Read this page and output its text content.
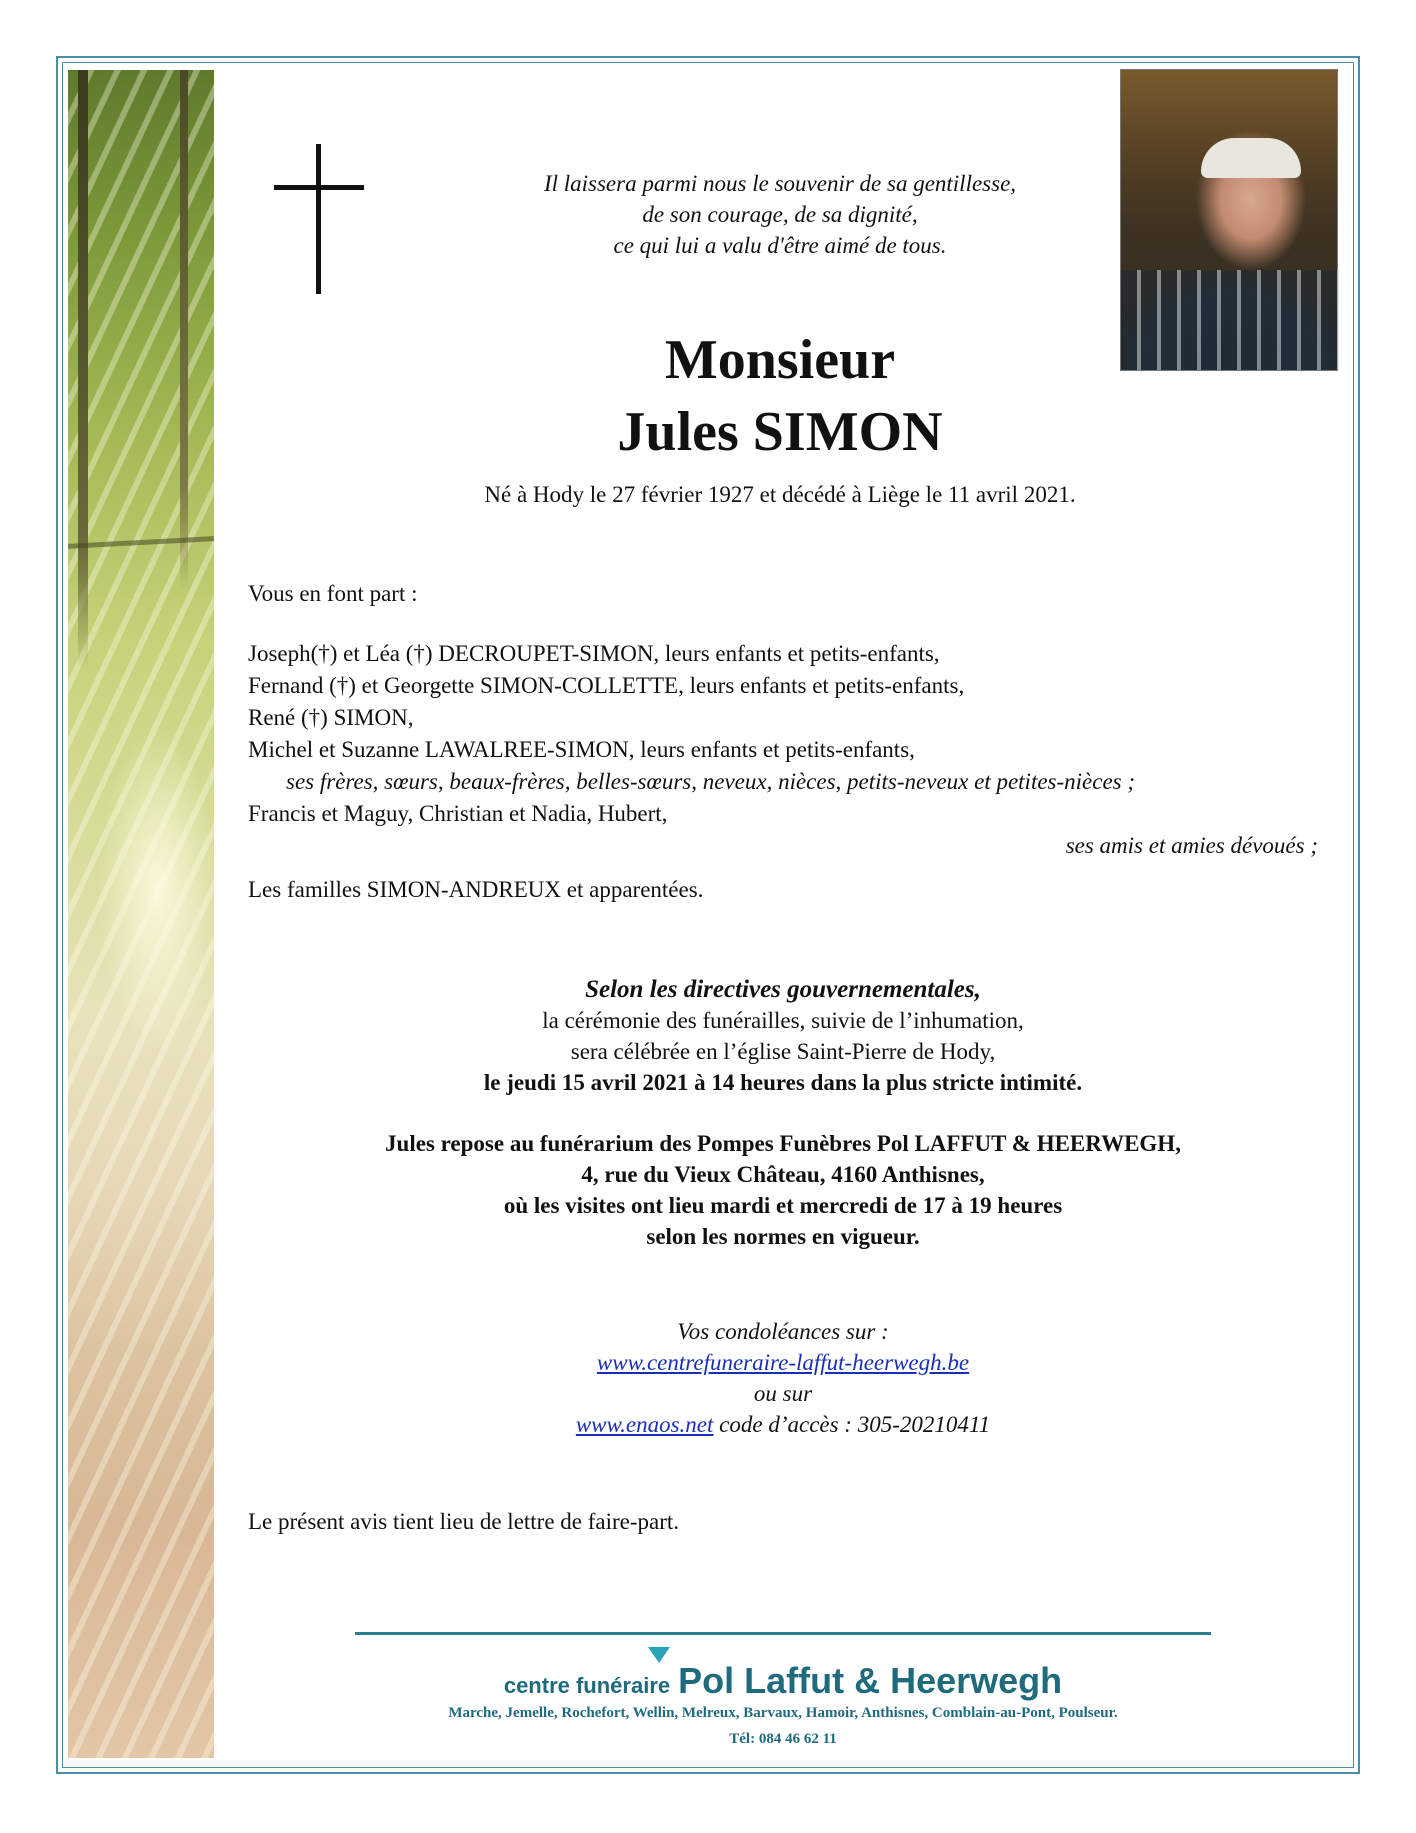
Il laissera parmi nous le souvenir de sa gentillesse,
de son courage, de sa dignité,
ce qui lui a valu d'être aimé de tous.
Monsieur
Jules SIMON
Né à Hody le 27 février 1927 et décédé à Liège le 11 avril 2021.

Vous en font part :

Joseph(†) et Léa (†) DECROUPET-SIMON, leurs enfants et petits-enfants,

Fernand (†) et Georgette SIMON-COLLETTE, leurs enfants et petits-enfants,

René (†) SIMON,

Michel et Suzanne LAWALREE-SIMON, leurs enfants et petits-enfants,

ses frères, sœurs, beaux-frères, belles-sœurs, neveux, nièces, petits-neveux et petites-nièces ;

Francis et Maguy, Christian et Nadia, Hubert,

ses amis et amies dévoués ;

Les familles SIMON-ANDREUX et apparentées.

Selon les directives gouvernementales,

la cérémonie des funérailles, suivie de l’inhumation,

sera célébrée en l’église Saint-Pierre de Hody,

le jeudi 15 avril 2021 à 14 heures dans la plus stricte intimité.

Jules repose au funérarium des Pompes Funèbres Pol LAFFUT & HEERWEGH,

4, rue du Vieux Château, 4160 Anthisnes,

où les visites ont lieu mardi et mercredi de 17 à 19 heures

selon les normes en vigueur.

Vos condoléances sur :

www.centrefuneraire-laffut-heerwegh.be

ou sur

www.enaos.net code d’accès : 305-20210411

Le présent avis tient lieu de lettre de faire-part.

centre funéraire Pol Laffut & Heerwegh
Marche, Jemelle, Rochefort, Wellin, Melreux, Barvaux, Hamoir, Anthisnes, Comblain-au-Pont, Poulseur.
Tél: 084 46 62 11
